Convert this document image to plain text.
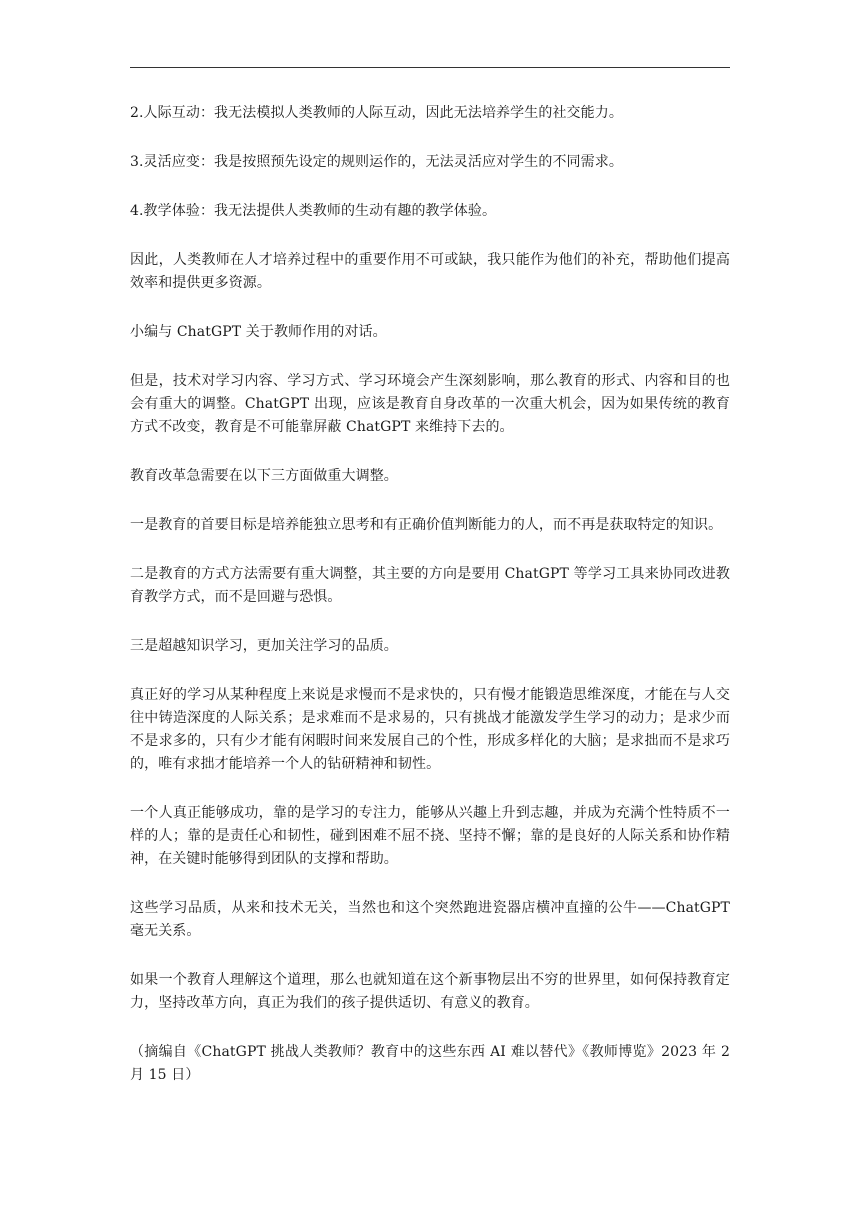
2.人际互动：我无法模拟人类教师的人际互动，因此无法培养学生的社交能力。

3.灵活应变：我是按照预先设定的规则运作的，无法灵活应对学生的不同需求。

4.教学体验：我无法提供人类教师的生动有趣的教学体验。

因此，人类教师在人才培养过程中的重要作用不可或缺，我只能作为他们的补充，帮助他们提高效率和提供更多资源。

小编与 ChatGPT 关于教师作用的对话。

但是，技术对学习内容、学习方式、学习环境会产生深刻影响，那么教育的形式、内容和目的也会有重大的调整。ChatGPT 出现，应该是教育自身改革的一次重大机会，因为如果传统的教育方式不改变，教育是不可能靠屏蔽 ChatGPT 来维持下去的。

教育改革急需要在以下三方面做重大调整。

一是教育的首要目标是培养能独立思考和有正确价值判断能力的人，而不再是获取特定的知识。

二是教育的方式方法需要有重大调整，其主要的方向是要用 ChatGPT 等学习工具来协同改进教育教学方式，而不是回避与恐惧。

三是超越知识学习，更加关注学习的品质。

真正好的学习从某种程度上来说是求慢而不是求快的，只有慢才能锻造思维深度，才能在与人交往中铸造深度的人际关系；是求难而不是求易的，只有挑战才能激发学生学习的动力；是求少而不是求多的，只有少才能有闲暇时间来发展自己的个性，形成多样化的大脑；是求拙而不是求巧的，唯有求拙才能培养一个人的钻研精神和韧性。

一个人真正能够成功，靠的是学习的专注力，能够从兴趣上升到志趣，并成为充满个性特质不一样的人；靠的是责任心和韧性，碰到困难不屈不挠、坚持不懈；靠的是良好的人际关系和协作精神，在关键时能够得到团队的支撑和帮助。

这些学习品质，从来和技术无关，当然也和这个突然跑进瓷器店横冲直撞的公牛——ChatGPT 毫无关系。

如果一个教育人理解这个道理，那么也就知道在这个新事物层出不穷的世界里，如何保持教育定力，坚持改革方向，真正为我们的孩子提供适切、有意义的教育。

（摘编自《ChatGPT 挑战人类教师？教育中的这些东西 AI 难以替代》《教师博览》2023 年 2 月 15 日）
